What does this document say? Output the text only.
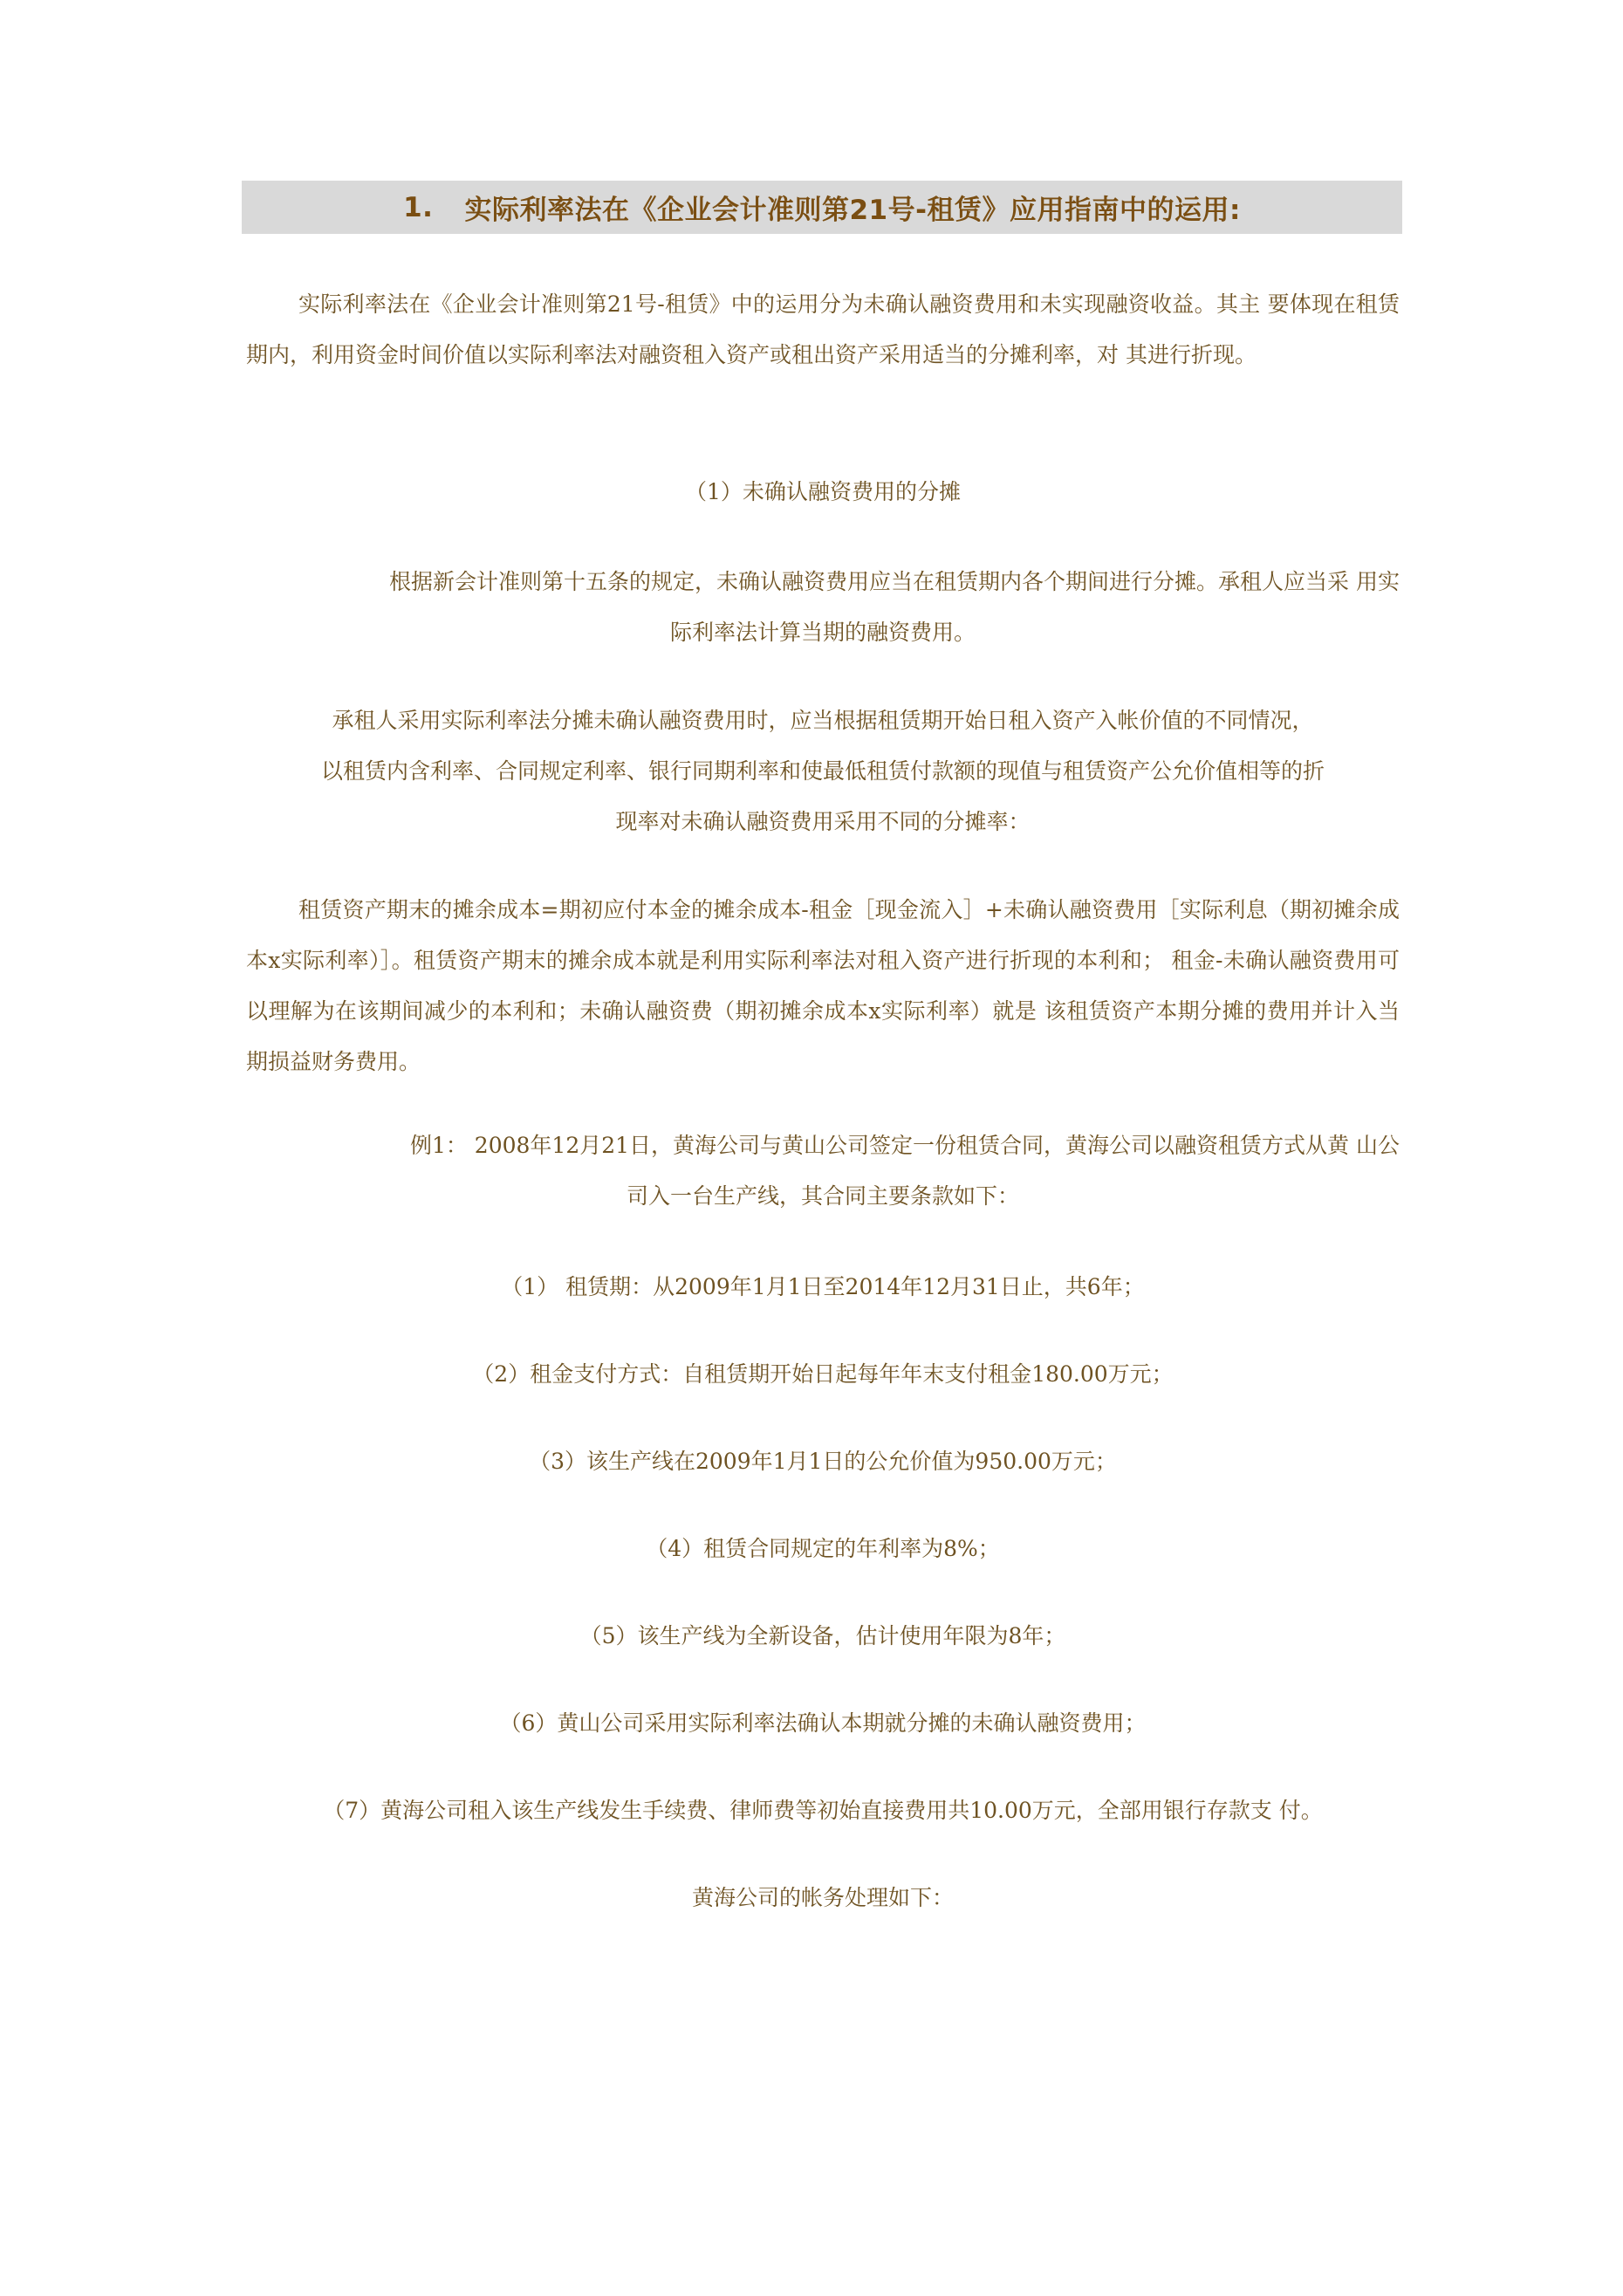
1. 实际利率法在《企业会计准则第21号-租赁》应用指南中的运用:

实际利率法在《企业会计准则第21号-租赁》中的运用分为未确认融资费用和未实现融资收益。其主 要体现在租赁期内，利用资金时间价值以实际利率法对融资租入资产或租出资产采用适当的分摊利率，对 其进行折现。

（1）未确认融资费用的分摊

根据新会计准则第十五条的规定，未确认融资费用应当在租赁期内各个期间进行分摊。承租人应当采 用实
际利率法计算当期的融资费用。

承租人采用实际利率法分摊未确认融资费用时，应当根据租赁期开始日租入资产入帐价值的不同情况，
以租赁内含利率、合同规定利率、银行同期利率和使最低租赁付款额的现值与租赁资产公允价值相等的折
现率对未确认融资费用采用不同的分摊率：

租赁资产期末的摊余成本=期初应付本金的摊余成本-租金［现金流入］+未确认融资费用［实际利息（期初摊余成本x实际利率）］。租赁资产期末的摊余成本就是利用实际利率法对租入资产进行折现的本利和； 租金-未确认融资费用可以理解为在该期间减少的本利和；未确认融资费（期初摊余成本x实际利率）就是 该租赁资产本期分摊的费用并计入当期损益财务费用。

例1： 2008年12月21日，黄海公司与黄山公司签定一份租赁合同，黄海公司以融资租赁方式从黄 山公
司入一台生产线，其合同主要条款如下：

（1） 租赁期：从2009年1月1日至2014年12月31日止，共6年；

（2）租金支付方式：自租赁期开始日起每年年末支付租金180.00万元；

（3）该生产线在2009年1月1日的公允价值为950.00万元；

（4）租赁合同规定的年利率为8%；

（5）该生产线为全新设备，估计使用年限为8年；

（6）黄山公司采用实际利率法确认本期就分摊的未确认融资费用；

（7）黄海公司租入该生产线发生手续费、律师费等初始直接费用共10.00万元，全部用银行存款支 付。

黄海公司的帐务处理如下：
